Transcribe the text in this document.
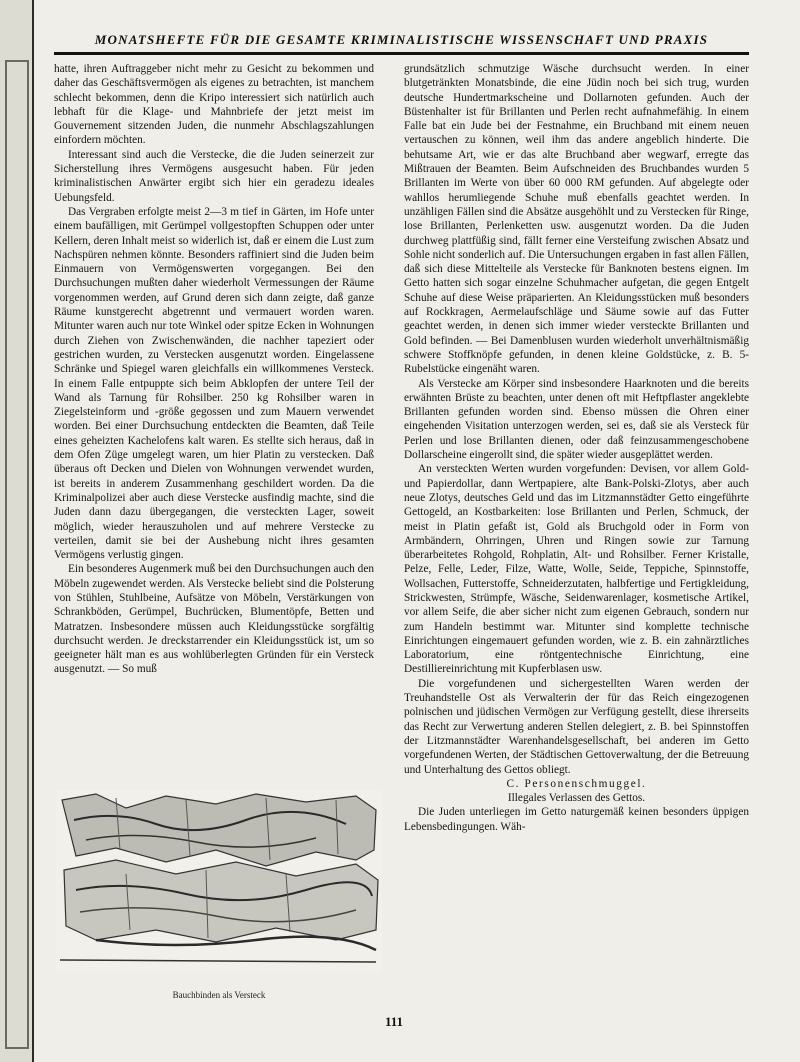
MONATSHEFTE FÜR DIE GESAMTE KRIMINALISTISCHE WISSENSCHAFT UND PRAXIS

hatte, ihren Auftraggeber nicht mehr zu Gesicht zu bekommen und daher das Geschäftsvermögen als eigenes zu betrachten, ist manchem schlecht bekommen, denn die Kripo interessiert sich natürlich auch lebhaft für die Klage- und Mahnbriefe der jetzt meist im Gouvernement sitzenden Juden, die nunmehr Abschlagszahlungen einfordern möchten.

Interessant sind auch die Verstecke, die die Juden seinerzeit zur Sicherstellung ihres Vermögens ausgesucht haben. Für jeden kriminalistischen Anwärter ergibt sich hier ein geradezu ideales Uebungsfeld.

Das Vergraben erfolgte meist 2—3 m tief in Gärten, im Hofe unter einem baufälligen, mit Gerümpel vollgestopften Schuppen oder unter Kellern, deren Inhalt meist so widerlich ist, daß er einem die Lust zum Nachspüren nehmen könnte. Besonders raffiniert sind die Juden beim Einmauern von Vermögenswerten vorgegangen. Bei den Durchsuchungen mußten daher wiederholt Vermessungen der Räume vorgenommen werden, auf Grund deren sich dann zeigte, daß ganze Räume kunstgerecht abgetrennt und vermauert worden waren. Mitunter waren auch nur tote Winkel oder spitze Ecken in Wohnungen durch Ziehen von Zwischenwänden, die nachher tapeziert oder gestrichen wurden, zu Verstecken ausgenutzt worden. Eingelassene Schränke und Spiegel waren gleichfalls ein willkommenes Versteck. In einem Falle entpuppte sich beim Abklopfen der untere Teil der Wand als Tarnung für Rohsilber. 250 kg Rohsilber waren in Ziegelsteinform und -größe gegossen und zum Mauern verwendet worden. Bei einer Durchsuchung entdeckten die Beamten, daß Teile eines geheizten Kachelofens kalt waren. Es stellte sich heraus, daß in dem Ofen Züge umgelegt waren, um hier Platin zu verstecken. Daß überaus oft Decken und Dielen von Wohnungen verwendet wurden, ist bereits in anderem Zusammenhang geschildert worden. Da die Kriminalpolizei aber auch diese Verstecke ausfindig machte, sind die Juden dann dazu übergegangen, die versteckten Lager, soweit möglich, wieder herauszuholen und auf mehrere Verstecke zu verteilen, damit sie bei der Aushebung nicht ihres gesamten Vermögens verlustig gingen.

Ein besonderes Augenmerk muß bei den Durchsuchungen auch den Möbeln zugewendet werden. Als Verstecke beliebt sind die Polsterung von Stühlen, Stuhlbeine, Aufsätze von Möbeln, Verstärkungen von Schrankböden, Gerümpel, Buchrücken, Blumentöpfe, Betten und Matratzen. Insbesondere müssen auch Kleidungsstücke sorgfältig durchsucht werden. Je dreckstarrender ein Kleidungsstück ist, um so geeigneter hält man es aus wohlüberlegten Gründen für ein Versteck ausgenutzt. — So muß

Bauchbinden als Versteck

grundsätzlich schmutzige Wäsche durchsucht werden. In einer blutgetränkten Monatsbinde, die eine Jüdin noch bei sich trug, wurden deutsche Hundertmarkscheine und Dollarnoten gefunden. Auch der Büstenhalter ist für Brillanten und Perlen recht aufnahmefähig. In einem Falle bat ein Jude bei der Festnahme, ein Bruchband mit einem neuen vertauschen zu können, weil ihm das andere angeblich hinderte. Die behutsame Art, wie er das alte Bruchband aber wegwarf, erregte das Mißtrauen der Beamten. Beim Aufschneiden des Bruchbandes wurden 5 Brillanten im Werte von über 60 000 RM gefunden. Auf abgelegte oder wahllos herumliegende Schuhe muß ebenfalls geachtet werden. In unzähligen Fällen sind die Absätze ausgehöhlt und zu Verstecken für Ringe, lose Brillanten, Perlenketten usw. ausgenutzt worden. Da die Juden durchweg plattfüßig sind, fällt ferner eine Versteifung zwischen Absatz und Sohle nicht sonderlich auf. Die Untersuchungen ergaben in fast allen Fällen, daß sich diese Mittelteile als Verstecke für Banknoten bestens eignen. Im Getto hatten sich sogar einzelne Schuhmacher aufgetan, die gegen Entgelt Schuhe auf diese Weise präparierten. An Kleidungsstücken muß besonders auf Rockkragen, Aermelaufschläge und Säume sowie auf das Futter geachtet werden, in denen sich immer wieder versteckte Brillanten und Gold befinden. — Bei Damenblusen wurden wiederholt unverhältnismäßig schwere Stoffknöpfe gefunden, in denen kleine Goldstücke, z. B. 5-Rubelstücke eingenäht waren.

Als Verstecke am Körper sind insbesondere Haarknoten und die bereits erwähnten Brüste zu beachten, unter denen oft mit Heftpflaster angeklebte Brillanten gefunden worden sind. Ebenso müssen die Ohren einer eingehenden Visitation unterzogen werden, sei es, daß sie als Versteck für Perlen und lose Brillanten dienen, oder daß feinzusammengeschobene Dollarscheine eingerollt sind, die später wieder ausgeplättet werden.

An versteckten Werten wurden vorgefunden: Devisen, vor allem Gold- und Papierdollar, dann Wertpapiere, alte Bank-Polski-Zlotys, aber auch neue Zlotys, deutsches Geld und das im Litzmannstädter Getto eingeführte Gettogeld, an Kostbarkeiten: lose Brillanten und Perlen, Schmuck, der meist in Platin gefaßt ist, Gold als Bruchgold oder in Form von Armbändern, Ohrringen, Uhren und Ringen sowie zur Tarnung überarbeitetes Rohgold, Rohplatin, Alt- und Rohsilber. Ferner Kristalle, Pelze, Felle, Leder, Filze, Watte, Wolle, Seide, Teppiche, Spinnstoffe, Wollsachen, Futterstoffe, Schneiderzutaten, halbfertige und Fertigkleidung, Strickwesten, Strümpfe, Wäsche, Seidenwarenlager, kosmetische Artikel, vor allem Seife, die aber sicher nicht zum eigenen Gebrauch, sondern nur zum Handeln bestimmt war. Mitunter sind komplette technische Einrichtungen eingemauert gefunden worden, wie z. B. ein zahnärztliches Laboratorium, eine röntgentechnische Einrichtung, eine Destilliereinrichtung mit Kupferblasen usw.

Die vorgefundenen und sichergestellten Waren werden der Treuhandstelle Ost als Verwalterin der für das Reich eingezogenen polnischen und jüdischen Vermögen zur Verfügung gestellt, diese ihrerseits das Recht zur Verwertung anderen Stellen delegiert, z. B. bei Spinnstoffen der Litzmannstädter Warenhandelsgesellschaft, bei anderen im Getto vorgefundenen Werten, der Städtischen Gettoverwaltung, der die Betreuung und Unterhaltung des Gettos obliegt.

C. Personenschmuggel.

Illegales Verlassen des Gettos.

Die Juden unterliegen im Getto naturgemäß keinen besonders üppigen Lebensbedingungen. Wäh-

111
